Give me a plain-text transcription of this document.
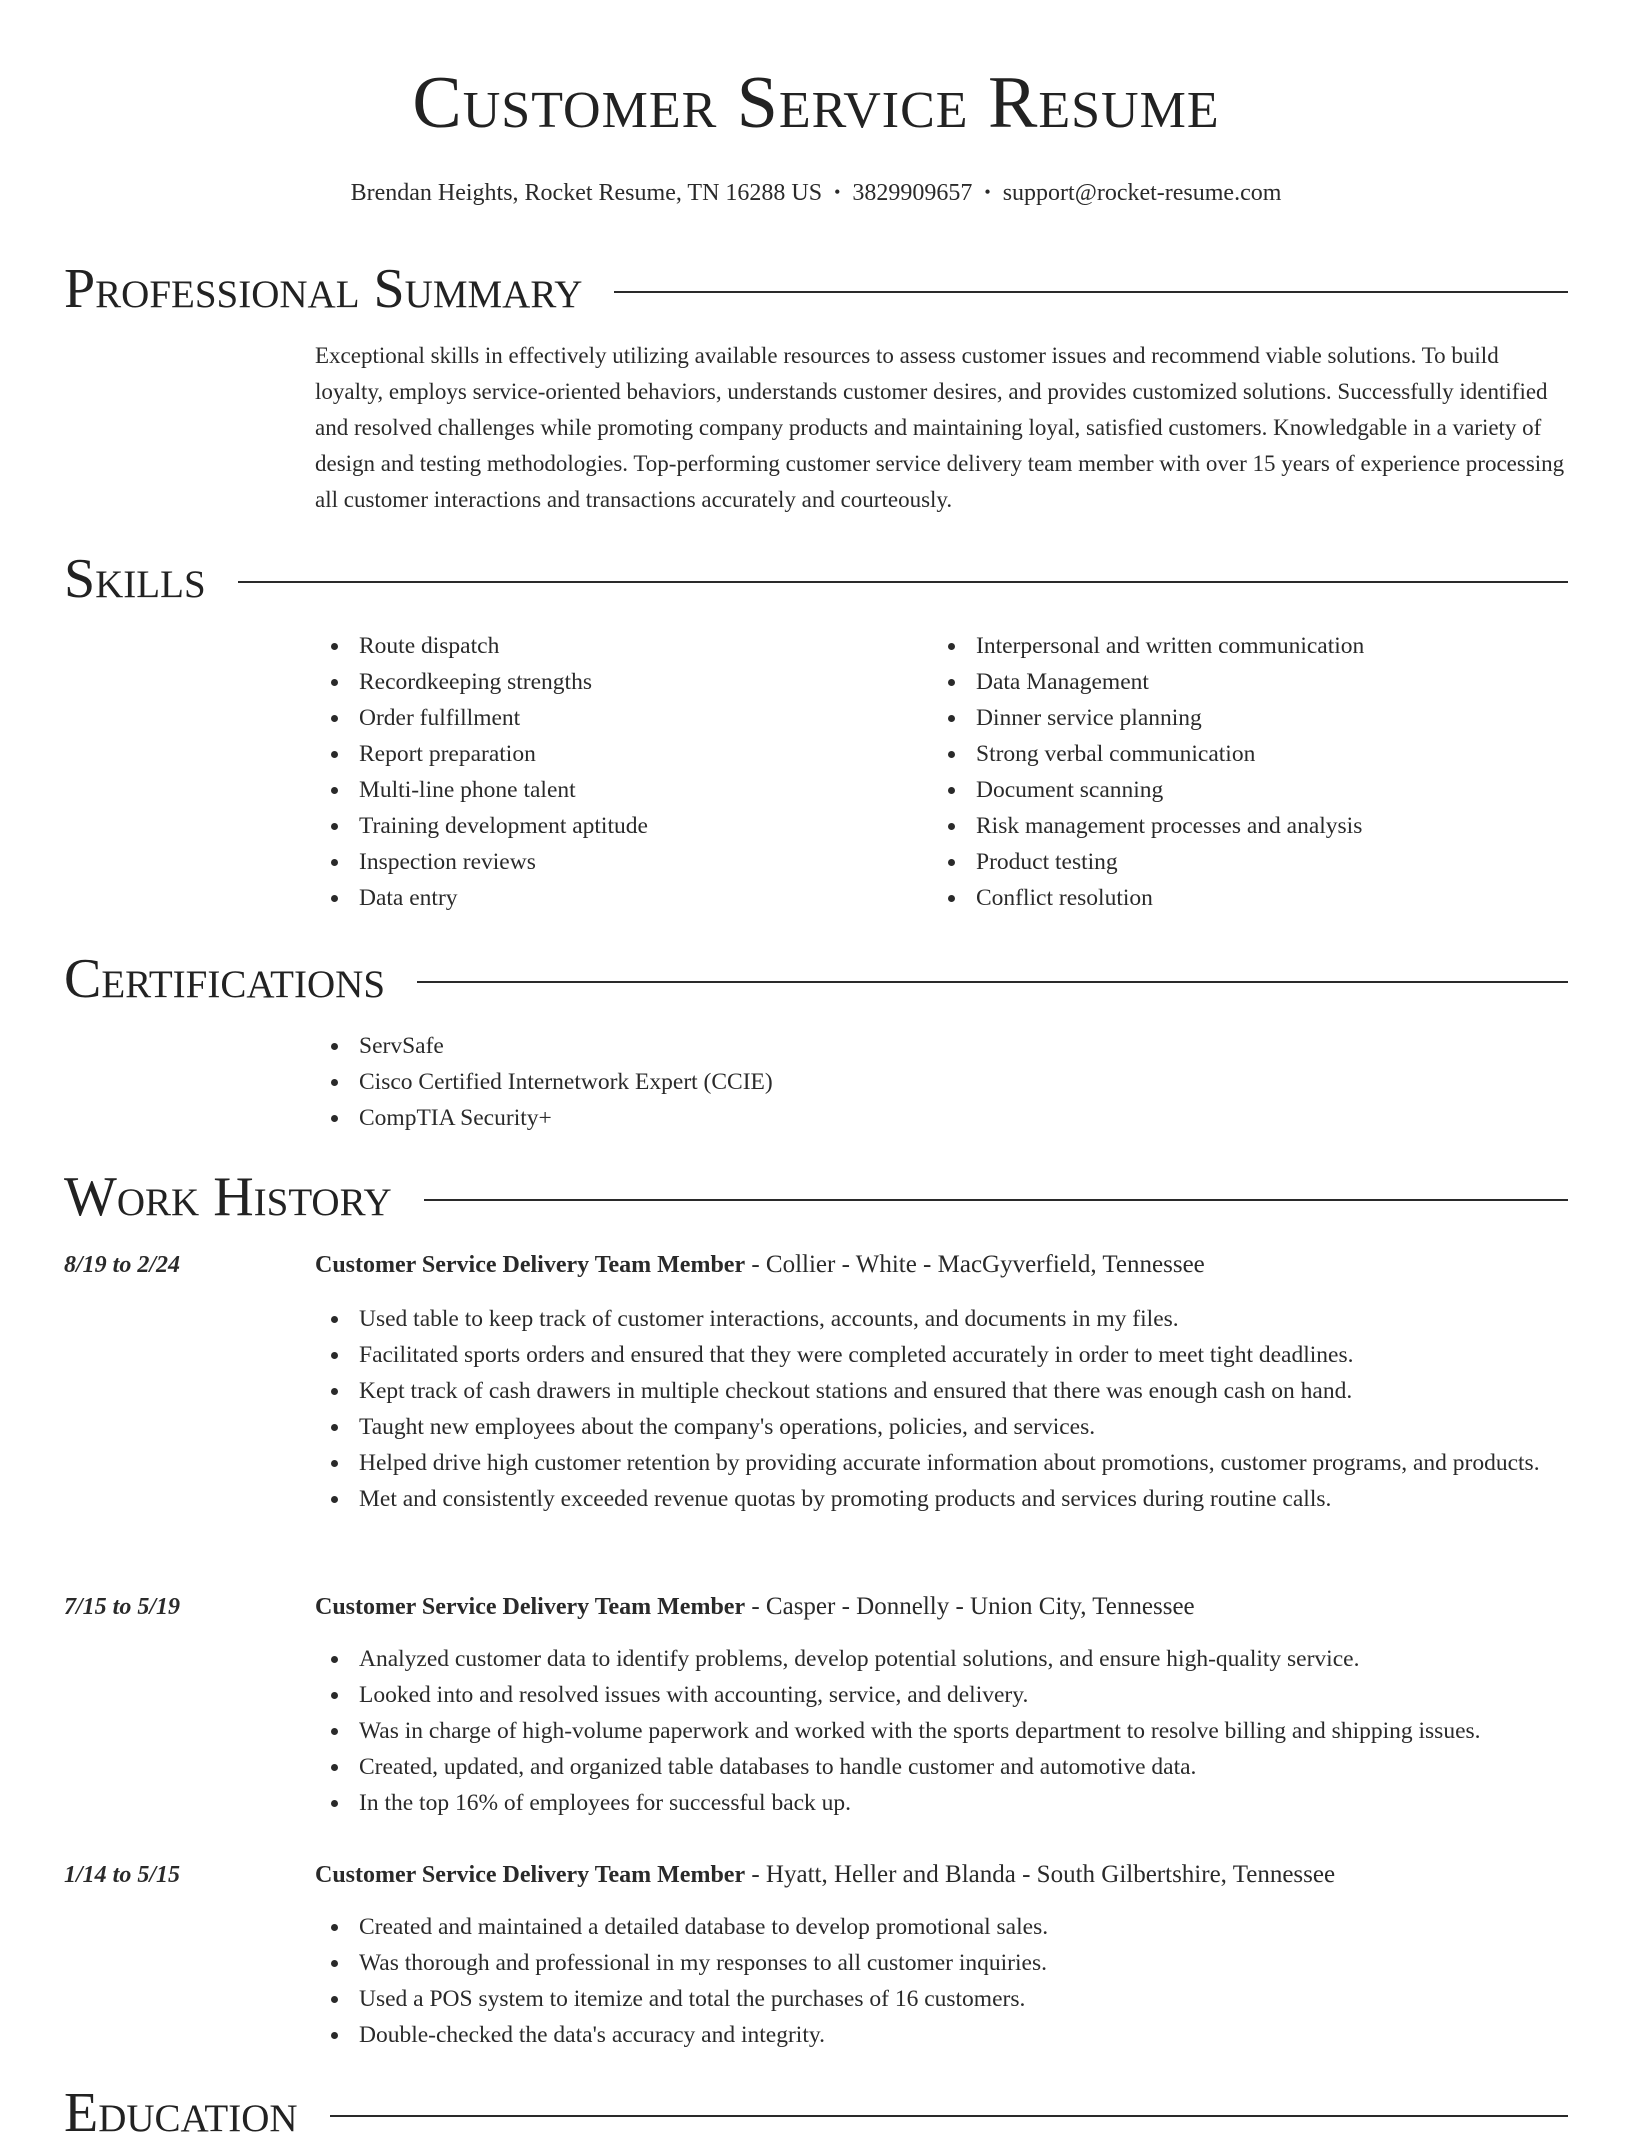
Customer Service Resume
Brendan Heights, Rocket Resume, TN 16288 US • 3829909657 • support@rocket-resume.com
Professional Summary

Exceptional skills in effectively utilizing available resources to assess customer issues and recommend viable solutions. To build loyalty, employs service-oriented behaviors, understands customer desires, and provides customized solutions. Successfully identified and resolved challenges while promoting company products and maintaining loyal, satisfied customers. Knowledgable in a variety of design and testing methodologies. Top-performing customer service delivery team member with over 15 years of experience processing all customer interactions and transactions accurately and courteously.

Skills
Route dispatch
Recordkeeping strengths
Order fulfillment
Report preparation
Multi-line phone talent
Training development aptitude
Inspection reviews
Data entry
Interpersonal and written communication
Data Management
Dinner service planning
Strong verbal communication
Document scanning
Risk management processes and analysis
Product testing
Conflict resolution
Certifications
ServSafe
Cisco Certified Internetwork Expert (CCIE)
CompTIA Security+
Work History
8/19 to 2/24	Customer Service Delivery Team Member - Collier - White - MacGyverfield, Tennessee
Used table to keep track of customer interactions, accounts, and documents in my files.
Facilitated sports orders and ensured that they were completed accurately in order to meet tight deadlines.
Kept track of cash drawers in multiple checkout stations and ensured that there was enough cash on hand.
Taught new employees about the company's operations, policies, and services.
Helped drive high customer retention by providing accurate information about promotions, customer programs, and products.
Met and consistently exceeded revenue quotas by promoting products and services during routine calls.
7/15 to 5/19	Customer Service Delivery Team Member - Casper - Donnelly - Union City, Tennessee
Analyzed customer data to identify problems, develop potential solutions, and ensure high-quality service.
Looked into and resolved issues with accounting, service, and delivery.
Was in charge of high-volume paperwork and worked with the sports department to resolve billing and shipping issues.
Created, updated, and organized table databases to handle customer and automotive data.
In the top 16% of employees for successful back up.
1/14 to 5/15	Customer Service Delivery Team Member - Hyatt, Heller and Blanda - South Gilbertshire, Tennessee
Created and maintained a detailed database to develop promotional sales.
Was thorough and professional in my responses to all customer inquiries.
Used a POS system to itemize and total the purchases of 16 customers.
Double-checked the data's accuracy and integrity.
Education
